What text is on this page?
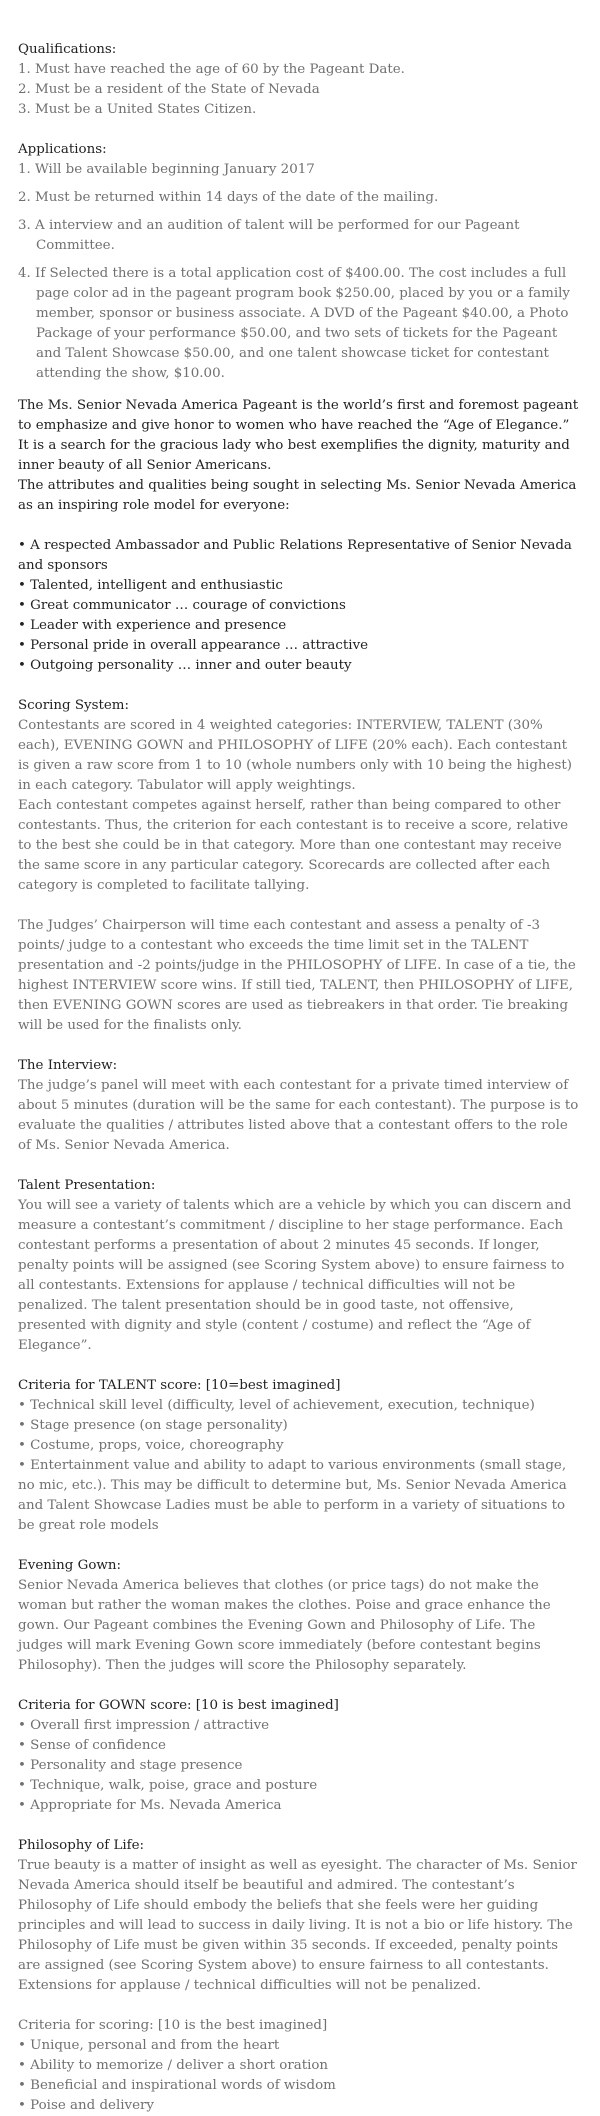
Qualifications:

1. Must have reached the age of 60 by the Pageant Date.
2. Must be a resident of the State of Nevada
3. Must be a United States Citizen.

Applications:

1. Will be available beginning January 2017
2. Must be returned within 14 days of the date of the mailing.
3. A interview and an audition of talent will be performed for our Pageant Committee.
4. If Selected there is a total application cost of $400.00. The cost includes a full page color ad in the pageant program book $250.00, placed by you or a family member, sponsor or business associate. A DVD of the Pageant $40.00, a Photo Package of your performance $50.00, and two sets of tickets for the Pageant and Talent Showcase $50.00, and one talent showcase ticket for contestant attending the show, $10.00.

The Ms. Senior Nevada America Pageant is the world’s first and foremost pageant to emphasize and give honor to women who have reached the “Age of Elegance.” It is a search for the gracious lady who best exemplifies the dignity, maturity and inner beauty of all Senior Americans.

The attributes and qualities being sought in selecting Ms. Senior Nevada America as an inspiring role model for everyone:

• A respected Ambassador and Public Relations Representative of Senior Nevada and sponsors
• Talented, intelligent and enthusiastic
• Great communicator … courage of convictions
• Leader with experience and presence
• Personal pride in overall appearance … attractive
• Outgoing personality … inner and outer beauty

Scoring System:

Contestants are scored in 4 weighted categories: INTERVIEW, TALENT (30% each), EVENING GOWN and PHILOSOPHY of LIFE (20% each). Each contestant is given a raw score from 1 to 10 (whole numbers only with 10 being the highest) in each category. Tabulator will apply weightings.

Each contestant competes against herself, rather than being compared to other contestants. Thus, the criterion for each contestant is to receive a score, relative to the best she could be in that category. More than one contestant may receive the same score in any particular category. Scorecards are collected after each category is completed to facilitate tallying.

The Judges’ Chairperson will time each contestant and assess a penalty of -3 points/ judge to a contestant who exceeds the time limit set in the TALENT presentation and -2 points/judge in the PHILOSOPHY of LIFE. In case of a tie, the highest INTERVIEW score wins. If still tied, TALENT, then PHILOSOPHY of LIFE, then EVENING GOWN scores are used as tiebreakers in that order. Tie breaking will be used for the finalists only.

The Interview:

The judge’s panel will meet with each contestant for a private timed interview of about 5 minutes (duration will be the same for each contestant). The purpose is to evaluate the qualities / attributes listed above that a contestant offers to the role of Ms. Senior Nevada America.

Talent Presentation:

You will see a variety of talents which are a vehicle by which you can discern and measure a contestant’s commitment / discipline to her stage performance. Each contestant performs a presentation of about 2 minutes 45 seconds. If longer, penalty points will be assigned (see Scoring System above) to ensure fairness to all contestants. Extensions for applause / technical difficulties will not be penalized. The talent presentation should be in good taste, not offensive, presented with dignity and style (content / costume) and reflect the “Age of Elegance”.

Criteria for TALENT score: [10=best imagined]

• Technical skill level (difficulty, level of achievement, execution, technique)
• Stage presence (on stage personality)
• Costume, props, voice, choreography
• Entertainment value and ability to adapt to various environments (small stage, no mic, etc.). This may be difficult to determine but, Ms. Senior Nevada America and Talent Showcase Ladies must be able to perform in a variety of situations to be great role models

Evening Gown:

Senior Nevada America believes that clothes (or price tags) do not make the woman but rather the woman makes the clothes. Poise and grace enhance the gown. Our Pageant combines the Evening Gown and Philosophy of Life. The judges will mark Evening Gown score immediately (before contestant begins Philosophy). Then the judges will score the Philosophy separately.

Criteria for GOWN score: [10 is best imagined]

• Overall first impression / attractive
• Sense of confidence
• Personality and stage presence
• Technique, walk, poise, grace and posture
• Appropriate for Ms. Nevada America

Philosophy of Life:

True beauty is a matter of insight as well as eyesight. The character of Ms. Senior Nevada America should itself be beautiful and admired. The contestant’s Philosophy of Life should embody the beliefs that she feels were her guiding principles and will lead to success in daily living. It is not a bio or life history. The Philosophy of Life must be given within 35 seconds. If exceeded, penalty points are assigned (see Scoring System above) to ensure fairness to all contestants. Extensions for applause / technical difficulties will not be penalized.

Criteria for scoring: [10 is the best imagined]

• Unique, personal and from the heart
• Ability to memorize / deliver a short oration
• Beneficial and inspirational words of wisdom
• Poise and delivery
